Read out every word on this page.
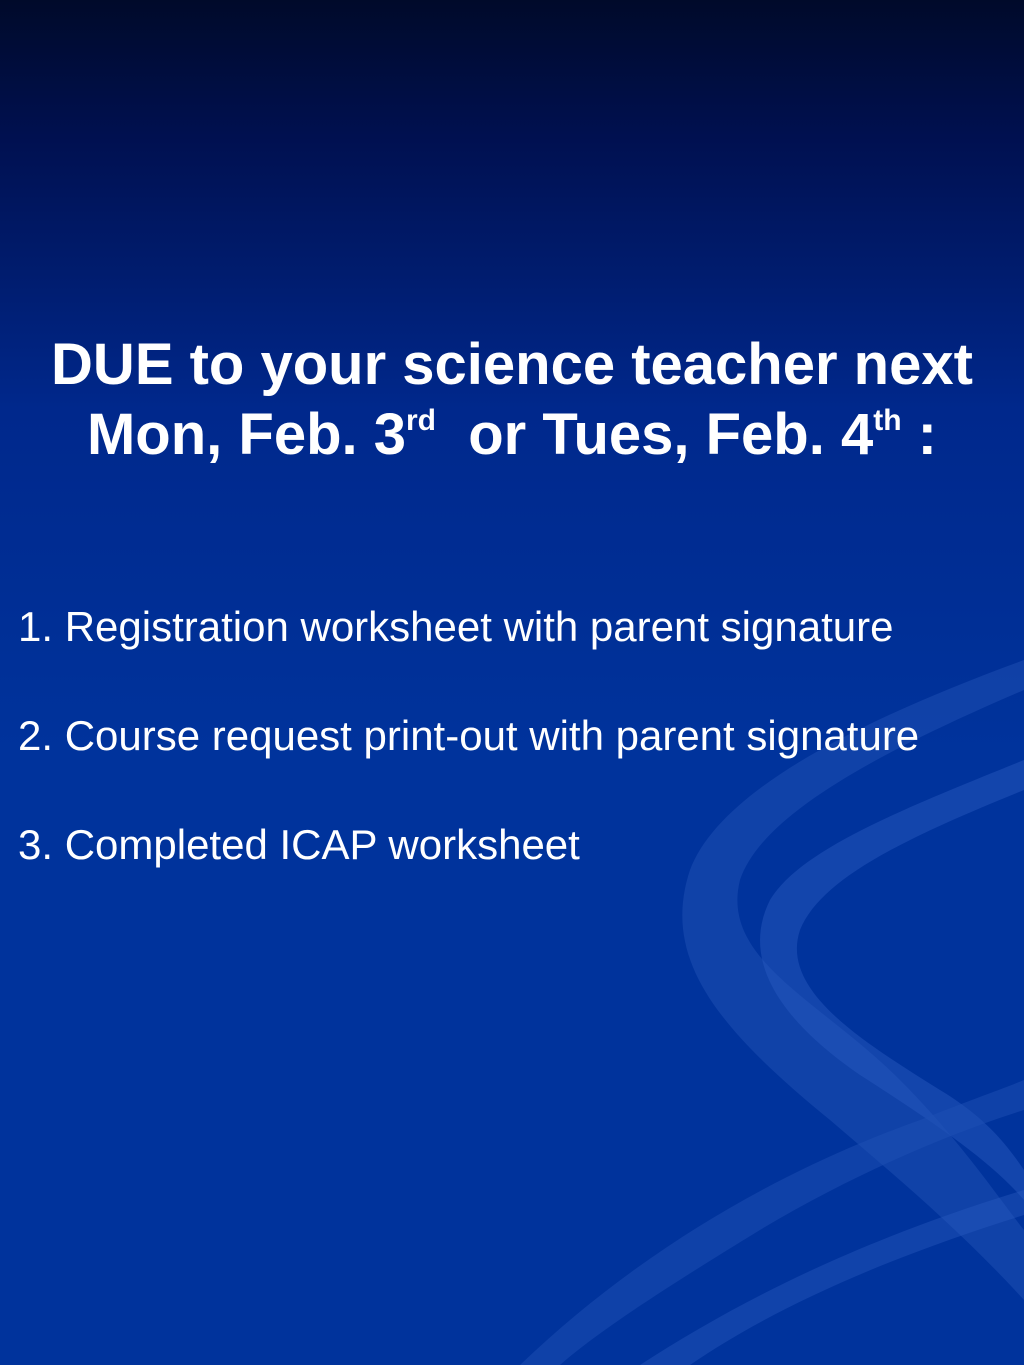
DUE to your science teacher next
Mon, Feb. 3rd  or Tues, Feb. 4th :
1. Registration worksheet with parent signature
2. Course request print-out with parent signature
3. Completed ICAP worksheet
